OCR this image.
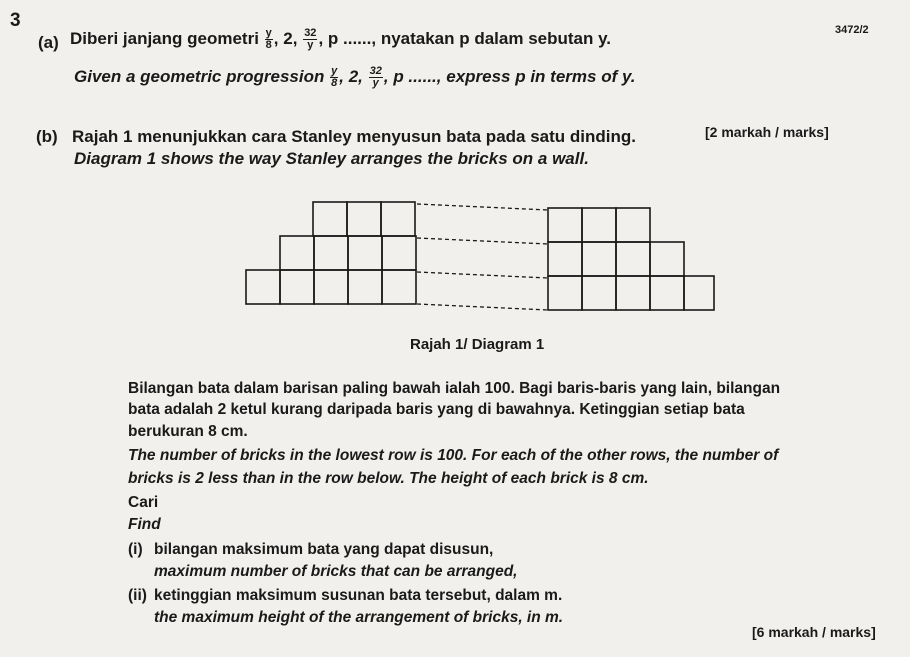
3	3472/2
(a) Diberi janjang geometri $\frac{y}{8}$ , 2, $\frac{32}{y}$ , p ......, nyatakan p dalam sebutan y.
Given a geometric progression $\frac{y}{8}$ , 2, $\frac{32}{y}$ , p ......, express p in terms of y.
[2 markah / marks]
(b) Rajah 1 menunjukkan cara Stanley menyusun bata pada satu dinding.
Diagram 1 shows the way Stanley arranges the bricks on a wall.
Rajah 1/ Diagram 1
Bilangan bata dalam barisan paling bawah ialah 100. Bagi baris-baris yang lain, bilangan
bata adalah 2 ketul kurang daripada baris yang di bawahnya. Ketinggian setiap bata
berukuran 8 cm.
The number of bricks in the lowest row is 100. For each of the other rows, the number of
bricks is 2 less than in the row below. The height of each brick is 8 cm.
Cari
Find
(i) bilangan maksimum bata yang dapat disusun,
maximum number of bricks that can be arranged,
(ii) ketinggian maksimum susunan bata tersebut, dalam m.
the maximum height of the arrangement of bricks, in m.
[6 markah / marks]
